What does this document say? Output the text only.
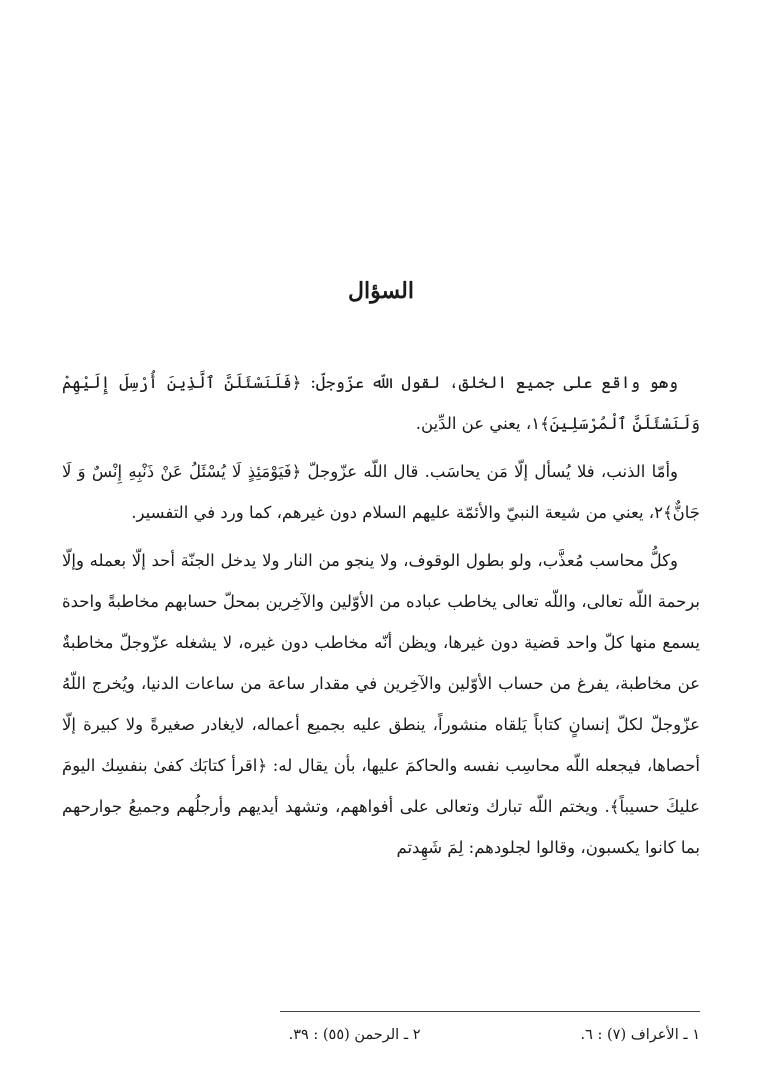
السؤال

وهو واقع على جميع الخلق، لقول اللّه عزّوجلّ: ﴿فَلَنَسْئَلَنَّ ٱلَّذِينَ أُرْسِلَ إِلَيْهِمْ وَلَنَسْئَلَنَّ ٱلْمُرْسَلِينَ﴾١، يعني عن الدِّين.

وأمّا الذنب، فلا يُسأل إلّا مَن يحاسَب. قال اللّه عزّوجلّ ﴿فَيَوْمَئِذٍ لَا يُسْئَلُ عَنْ ذَنْبِهِ إِنْسٌ وَ لَا جَانٌّ﴾٢، يعني من شيعة النبيّ والأئمّة عليهم السلام دون غيرهم، كما ورد في التفسير.

وكلُّ محاسب مُعذَّب، ولو بطول الوقوف، ولا ينجو من النار ولا يدخل الجنّة أحد إلّا بعمله وإلّا برحمة اللّه تعالى، واللّه تعالى يخاطب عباده من الأوّلين والآخِرين بمحلّ حسابهم مخاطبةً واحدة يسمع منها كلّ واحد قضية دون غيرها، ويظن أنّه مخاطب دون غيره، لا يشغله عزّوجلّ مخاطبةٌ عن مخاطبة، يفرغ من حساب الأوّلين والآخِرين في مقدار ساعة من ساعات الدنيا، ويُخرج اللّهُ عزّوجلّ لكلّ إنسانٍ كتاباً يَلقاه منشوراً، ينطق عليه بجميع أعماله، لايغادر صغيرةً ولا كبيرة إلّا أحصاها، فيجعله اللّه محاسِب نفسه والحاكمَ عليها، بأن يقال له: ﴿اقرأ كتابَك كفىٰ بنفسِك اليومَ عليكَ حسيباً﴾. ويختم اللّه تبارك وتعالى على أفواههم، وتشهد أيديهم وأرجلُهم وجميعُ جوارحهم بما كانوا يكسبون، وقالوا لجلودهم: لِمَ شَهِدتم

١ ـ الأعراف (٧) : ٦.
٢ ـ الرحمن (٥٥) : ٣٩.
